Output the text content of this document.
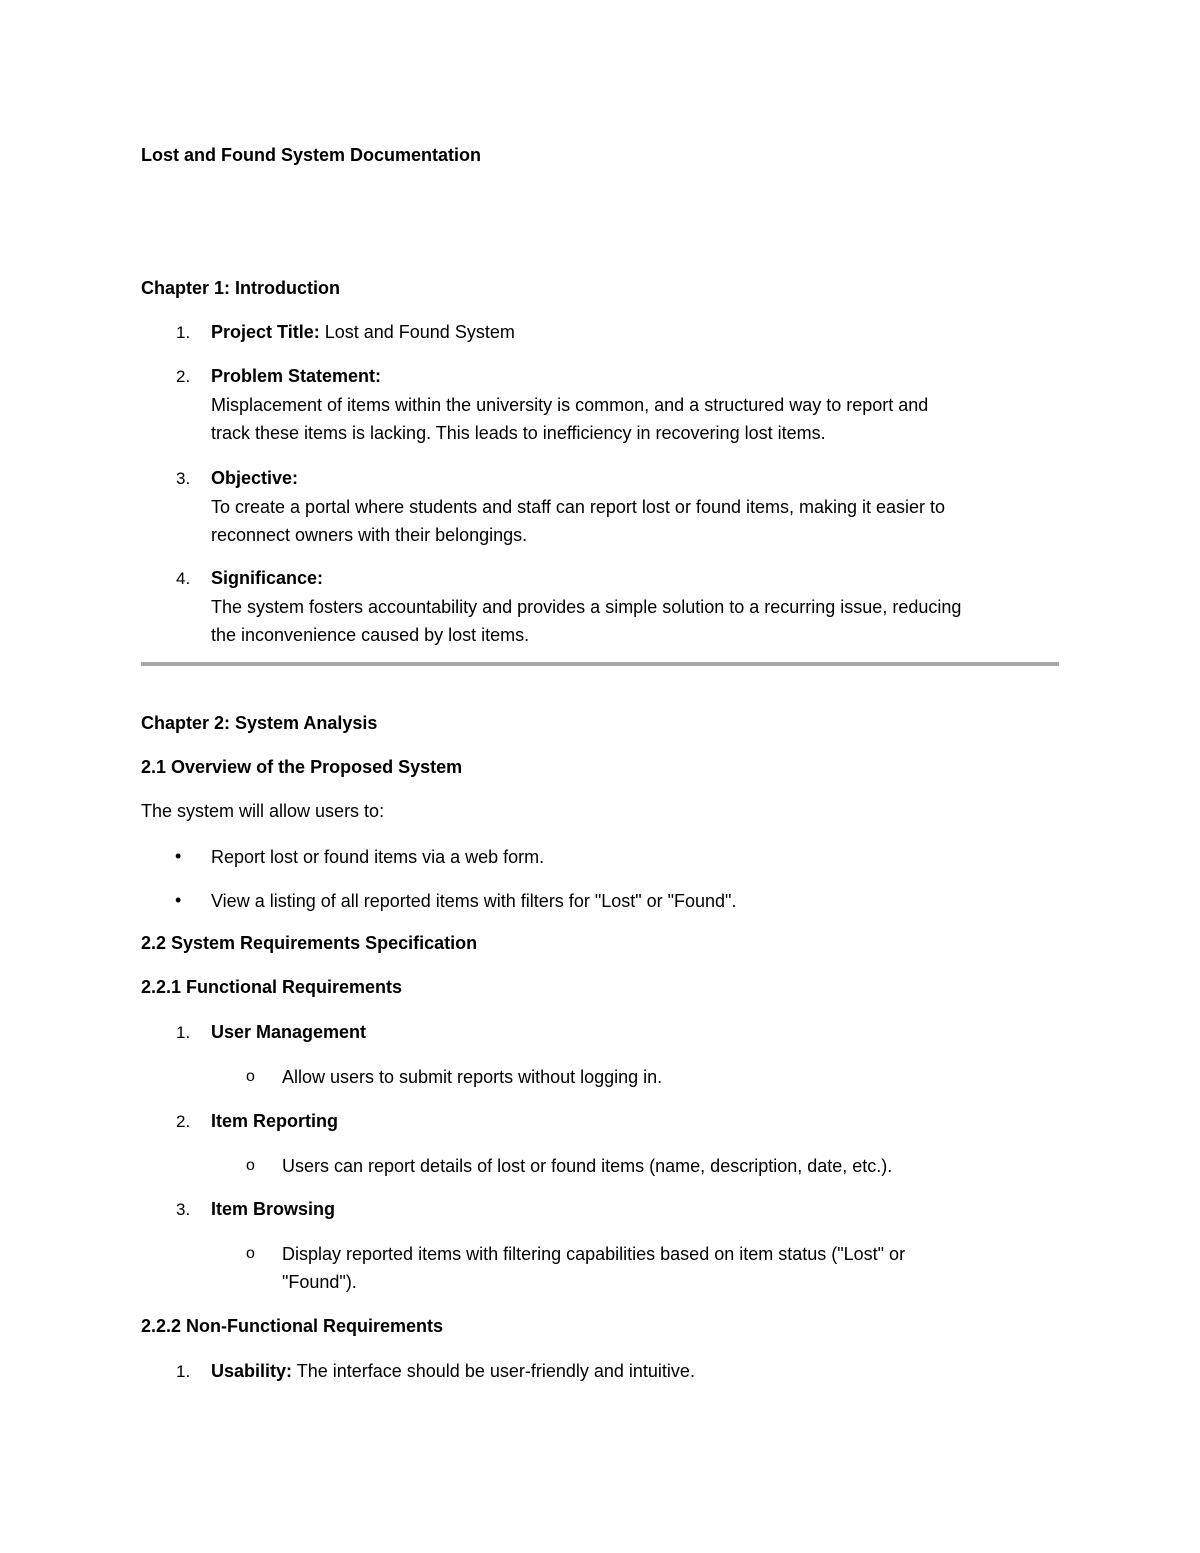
Lost and Found System Documentation
Chapter 1: Introduction
1. Project Title: Lost and Found System
2. Problem Statement:
Misplacement of items within the university is common, and a structured way to report and
track these items is lacking. This leads to inefficiency in recovering lost items.
3. Objective:
To create a portal where students and staff can report lost or found items, making it easier to
reconnect owners with their belongings.
4. Significance:
The system fosters accountability and provides a simple solution to a recurring issue, reducing
the inconvenience caused by lost items.
Chapter 2: System Analysis
2.1 Overview of the Proposed System
The system will allow users to:
• Report lost or found items via a web form.
• View a listing of all reported items with filters for "Lost" or "Found".
2.2 System Requirements Specification
2.2.1 Functional Requirements
1. User Management
o Allow users to submit reports without logging in.
2. Item Reporting
o Users can report details of lost or found items (name, description, date, etc.).
3. Item Browsing
o Display reported items with filtering capabilities based on item status ("Lost" or
"Found").
2.2.2 Non-Functional Requirements
1. Usability: The interface should be user-friendly and intuitive.
